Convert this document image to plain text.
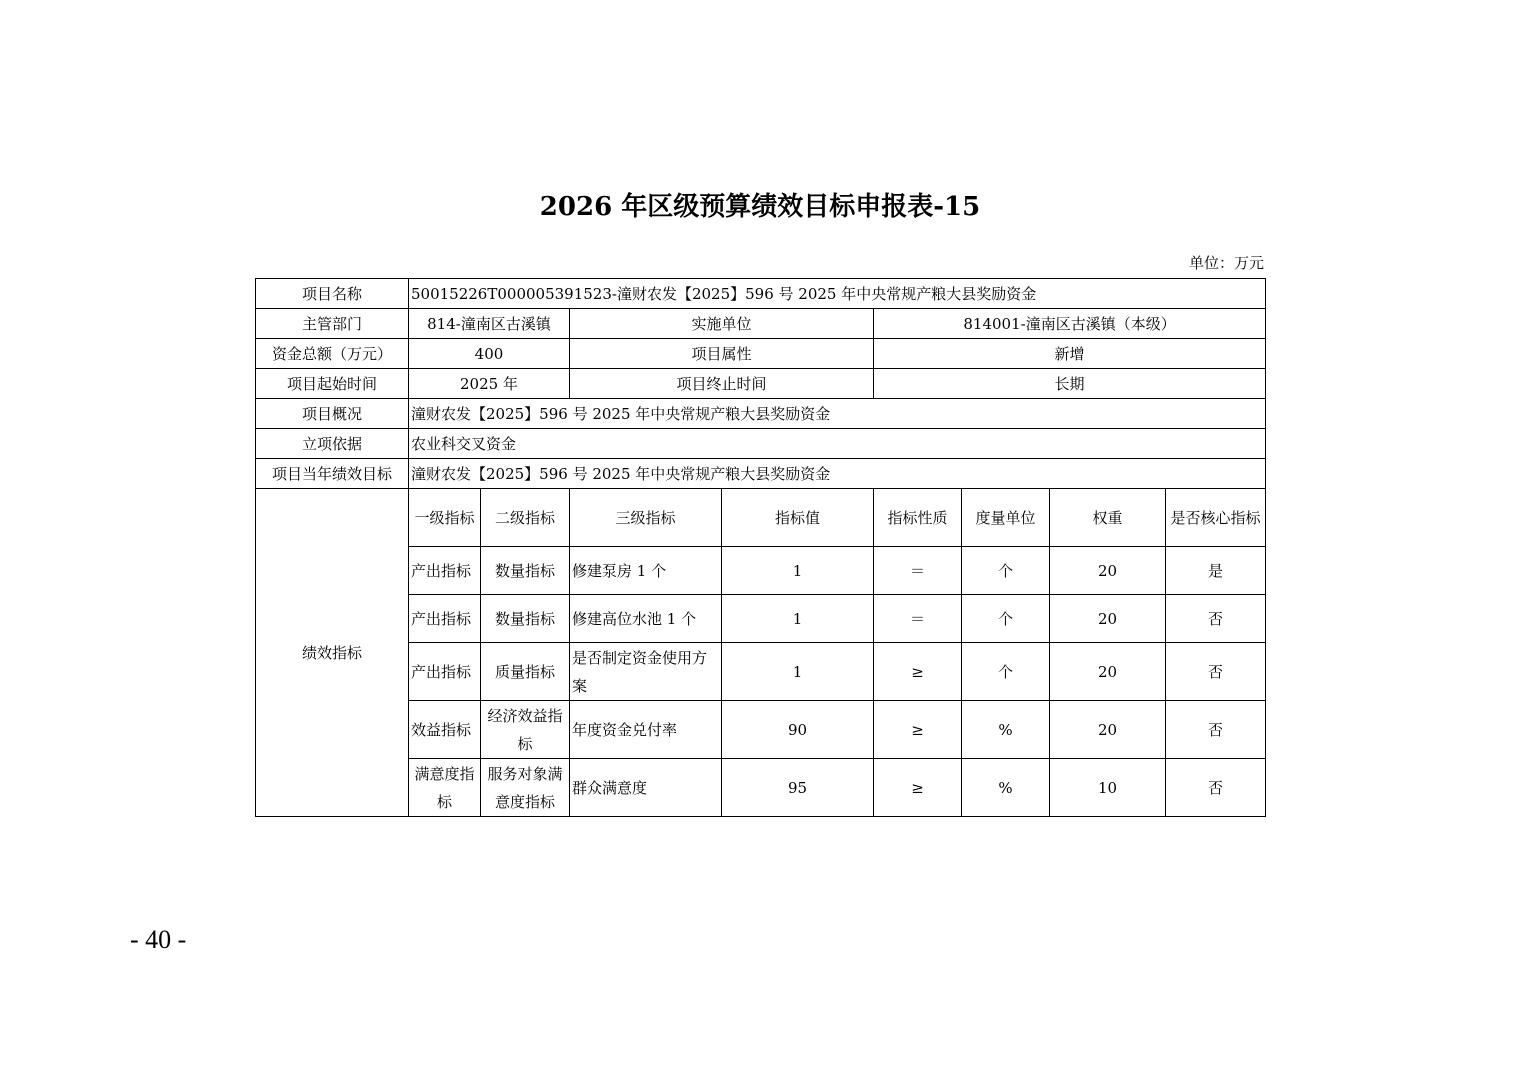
2026 年区级预算绩效目标申报表-15
单位：万元
项目名称	50015226T000005391523-潼财农发【2025】596 号 2025 年中央常规产粮大县奖励资金							
主管部门	814-潼南区古溪镇		实施单位		814001-潼南区古溪镇（本级）			
资金总额（万元）	400		项目属性		新增			
项目起始时间	2025 年		项目终止时间		长期			
项目概况	潼财农发【2025】596 号 2025 年中央常规产粮大县奖励资金							
立项依据	农业科交叉资金							
项目当年绩效目标	潼财农发【2025】596 号 2025 年中央常规产粮大县奖励资金							
绩效指标	一级指标	二级指标	三级指标	指标值	指标性质	度量单位	权重	是否核心指标
	产出指标	数量指标	修建泵房 1 个	1	＝	个	20	是
	产出指标	数量指标	修建高位水池 1 个	1	＝	个	20	否
	产出指标	质量指标	是否制定资金使用方案	1	≥	个	20	否
	效益指标	经济效益指标	年度资金兑付率	90	≥	%	20	否
	满意度指标	服务对象满意度指标	群众满意度	95	≥	%	10	否
- 40 -
